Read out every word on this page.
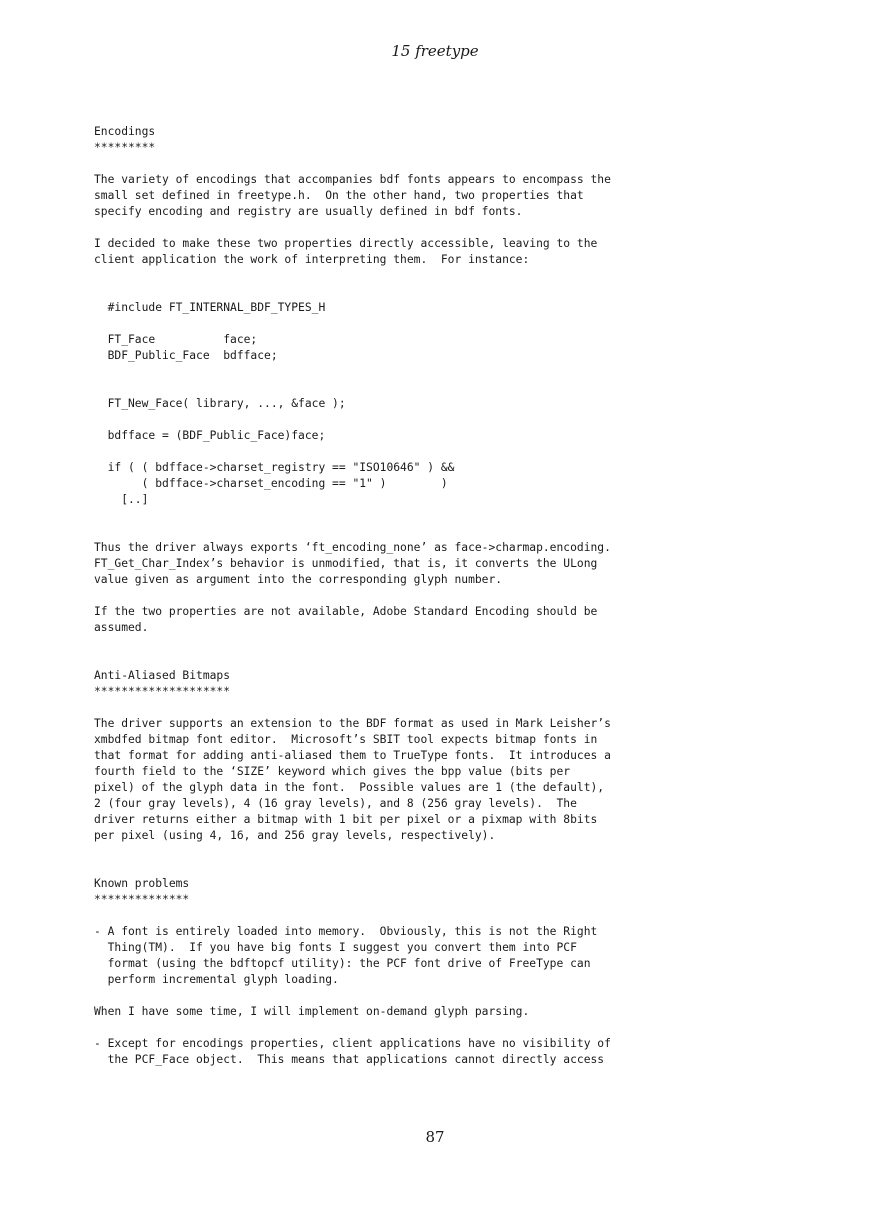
15 freetype
Encodings
*********
The variety of encodings that accompanies bdf fonts appears to encompass the
small set defined in freetype.h.  On the other hand, two properties that
specify encoding and registry are usually defined in bdf fonts.
I decided to make these two properties directly accessible, leaving to the
client application the work of interpreting them.  For instance:
#include FT_INTERNAL_BDF_TYPES_H
FT_Face          face;
BDF_Public_Face  bdfface;
FT_New_Face( library, ..., &face );
bdfface = (BDF_Public_Face)face;
if ( ( bdfface->charset_registry == "ISO10646" ) &&
( bdfface->charset_encoding == "1" )        )
[..]
Thus the driver always exports ‘ft_encoding_none’ as face->charmap.encoding.
FT_Get_Char_Index’s behavior is unmodified, that is, it converts the ULong
value given as argument into the corresponding glyph number.
If the two properties are not available, Adobe Standard Encoding should be
assumed.
Anti-Aliased Bitmaps
********************
The driver supports an extension to the BDF format as used in Mark Leisher’s
xmbdfed bitmap font editor.  Microsoft’s SBIT tool expects bitmap fonts in
that format for adding anti-aliased them to TrueType fonts.  It introduces a
fourth field to the ‘SIZE’ keyword which gives the bpp value (bits per
pixel) of the glyph data in the font.  Possible values are 1 (the default),
2 (four gray levels), 4 (16 gray levels), and 8 (256 gray levels).  The
driver returns either a bitmap with 1 bit per pixel or a pixmap with 8bits
per pixel (using 4, 16, and 256 gray levels, respectively).
Known problems
**************
- A font is entirely loaded into memory.  Obviously, this is not the Right
Thing(TM).  If you have big fonts I suggest you convert them into PCF
format (using the bdftopcf utility): the PCF font drive of FreeType can
perform incremental glyph loading.
When I have some time, I will implement on-demand glyph parsing.
- Except for encodings properties, client applications have no visibility of
the PCF_Face object.  This means that applications cannot directly access
87
